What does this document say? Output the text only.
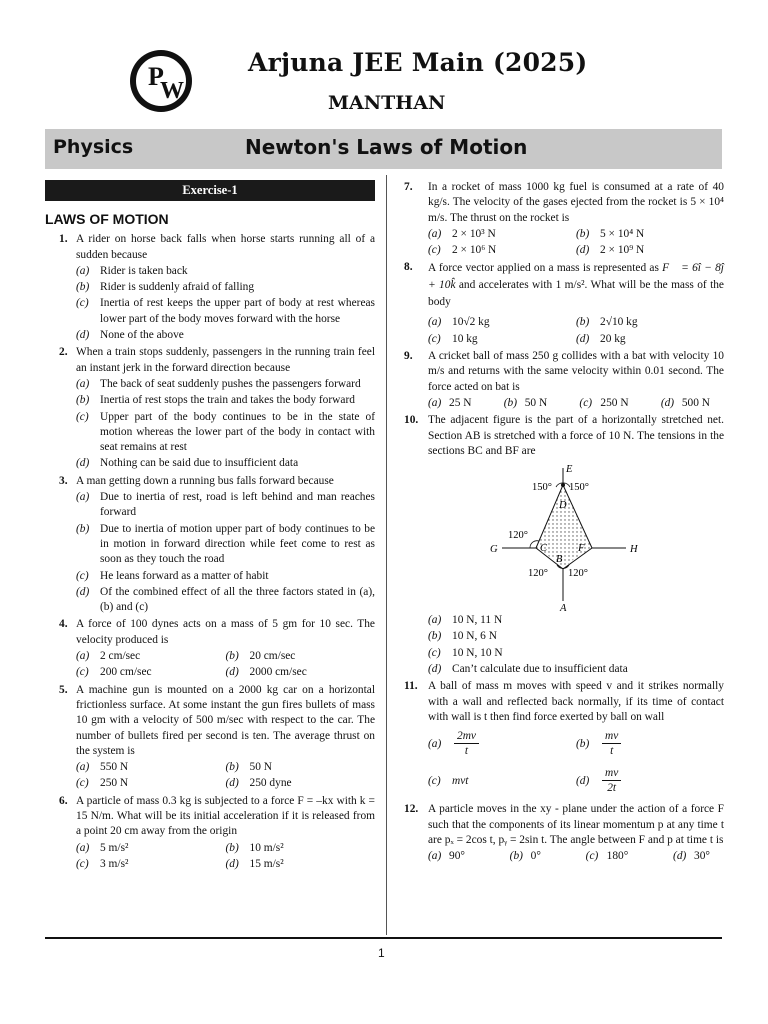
P
W
Arjuna JEE Main (2025)
MANTHAN
Physics	Newton's Laws of Motion
Exercise-1
LAWS OF MOTION
1. A rider on horse back falls when horse starts running all of a sudden because
(a) Rider is taken back
(b) Rider is suddenly afraid of falling
(c) Inertia of rest keeps the upper part of body at rest whereas lower part of the body moves forward with the horse
(d) None of the above
2. When a train stops suddenly, passengers in the running train feel an instant jerk in the forward direction because
(a) The back of seat suddenly pushes the passengers forward
(b) Inertia of rest stops the train and takes the body forward
(c) Upper part of the body continues to be in the state of motion whereas the lower part of the body in contact with seat remains at rest
(d) Nothing can be said due to insufficient data
3. A man getting down a running bus falls forward because
(a) Due to inertia of rest, road is left behind and man reaches forward
(b) Due to inertia of motion upper part of body continues to be in motion in forward direction while feet come to rest as soon as they touch the road
(c) He leans forward as a matter of habit
(d) Of the combined effect of all the three factors stated in (a), (b) and (c)
4. A force of 100 dynes acts on a mass of 5 gm for 10 sec. The velocity produced is
(a) 2 cm/sec	(b) 20 cm/sec
(c) 200 cm/sec	(d) 2000 cm/sec
5. A machine gun is mounted on a 2000 kg car on a horizontal frictionless surface. At some instant the gun fires bullets of mass 10 gm with a velocity of 500 m/sec with respect to the car. The number of bullets fired per second is ten. The average thrust on the system is
(a) 550 N	(b) 50 N
(c) 250 N	(d) 250 dyne
6. A particle of mass 0.3 kg is subjected to a force F = –kx with k = 15 N/m. What will be its initial acceleration if it is released from a point 20 cm away from the origin
(a) 5 m/s²	(b) 10 m/s²
(c) 3 m/s²	(d) 15 m/s²
7. In a rocket of mass 1000 kg fuel is consumed at a rate of 40 kg/s. The velocity of the gases ejected from the rocket is 5 × 10⁴ m/s. The thrust on the rocket is
(a) 2 × 10³ N	(b) 5 × 10⁴ N
(c) 2 × 10⁶ N	(d) 2 × 10⁹ N
8. A force vector applied on a mass is represented as F⃗ = 6î − 8ĵ + 10k̂ and accelerates with 1 m/s². What will be the mass of the body
(a) 10√2 kg	(b) 2√10 kg
(c) 10 kg	(d) 20 kg
9. A cricket ball of mass 250 g collides with a bat with velocity 10 m/s and returns with the same velocity within 0.01 second. The force acted on bat is
(a) 25 N	(b) 50 N	(c) 250 N	(d) 500 N
10. The adjacent figure is the part of a horizontally stretched net. Section AB is stretched with a force of 10 N. The tensions in the sections BC and BF are
E
150° 150°
D
120°
G	C	F	H
B
120° 120°
A
(a) 10 N, 11 N
(b) 10 N, 6 N
(c) 10 N, 10 N
(d) Can’t calculate due to insufficient data
11. A ball of mass m moves with speed v and it strikes normally with a wall and reflected back normally, if its time of contact with wall is t then find force exerted by ball on wall
$(a) \frac{2mv}{t}$	$(b) \frac{mv}{t}$
(c) mvt	$(d) \frac{mv}{2t}$
12. A particle moves in the xy - plane under the action of a force F such that the components of its linear momentum p at any time t are pₓ = 2cos t, pᵧ = 2sin t. The angle between F and p at time t is
(a) 90°	(b) 0°	(c) 180°	(d) 30°
1
